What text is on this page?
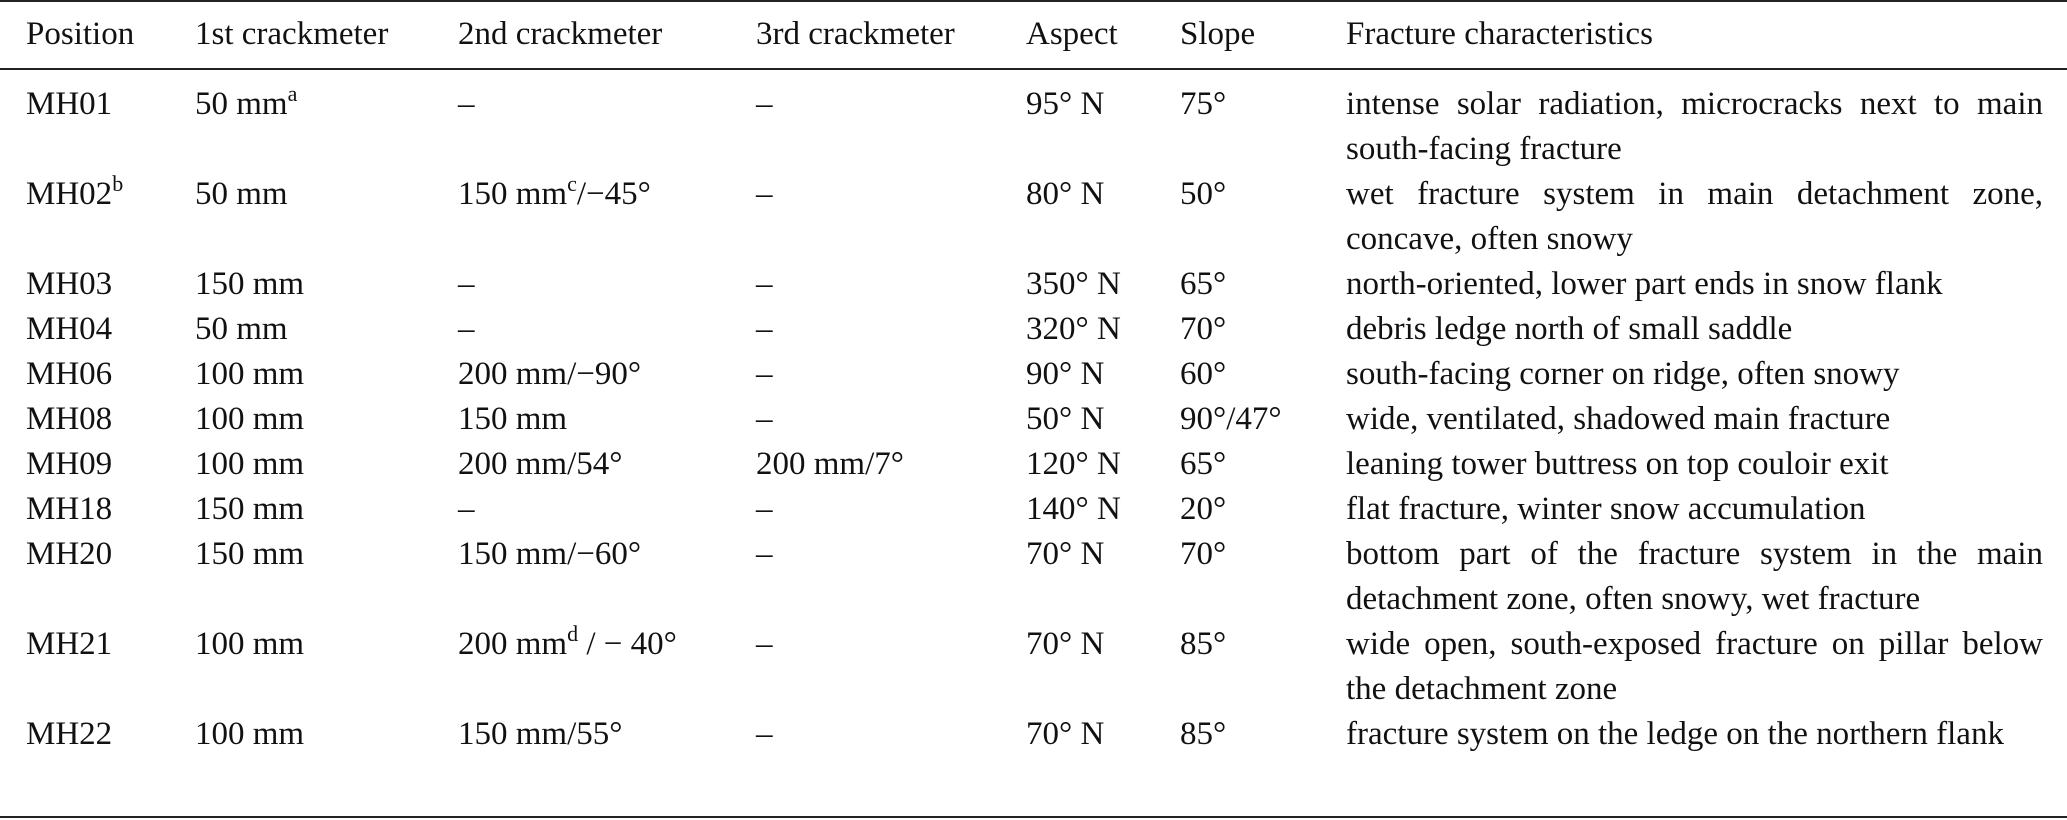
Position	1st crackmeter	2nd crackmeter	3rd crackmeter	Aspect	Slope	Fracture characteristics
MH01	50 $mm^a$	–	–	95° N	75°	intense solar radiation, microcracks next to main south-facing fracture
MH02$^b$	50 mm	150 $mm^c/-45^\circ$	–	80° N	50°	wet fracture system in main detachment zone, concave, often snowy
MH03	150 mm	–	–	350° N	65°	north-oriented, lower part ends in snow flank
MH04	50 mm	–	–	320° N	70°	debris ledge north of small saddle
MH06	100 mm	200 mm/−90°	–	90° N	60°	south-facing corner on ridge, often snowy
MH08	100 mm	150 mm	–	50° N	90°/47°	wide, ventilated, shadowed main fracture
MH09	100 mm	200 mm/54°	200 mm/7°	120° N	65°	leaning tower buttress on top couloir exit
MH18	150 mm	–	–	140° N	20°	flat fracture, winter snow accumulation
MH20	150 mm	150 mm/−60°	–	70° N	70°	bottom part of the fracture system in the main detachment zone, often snowy, wet fracture
MH21	100 mm	200 $mm^d$ / − 40°	–	70° N	85°	wide open, south-exposed fracture on pillar below the detachment zone
MH22	100 mm	150 mm/55°	–	70° N	85°	fracture system on the ledge on the northern flank
